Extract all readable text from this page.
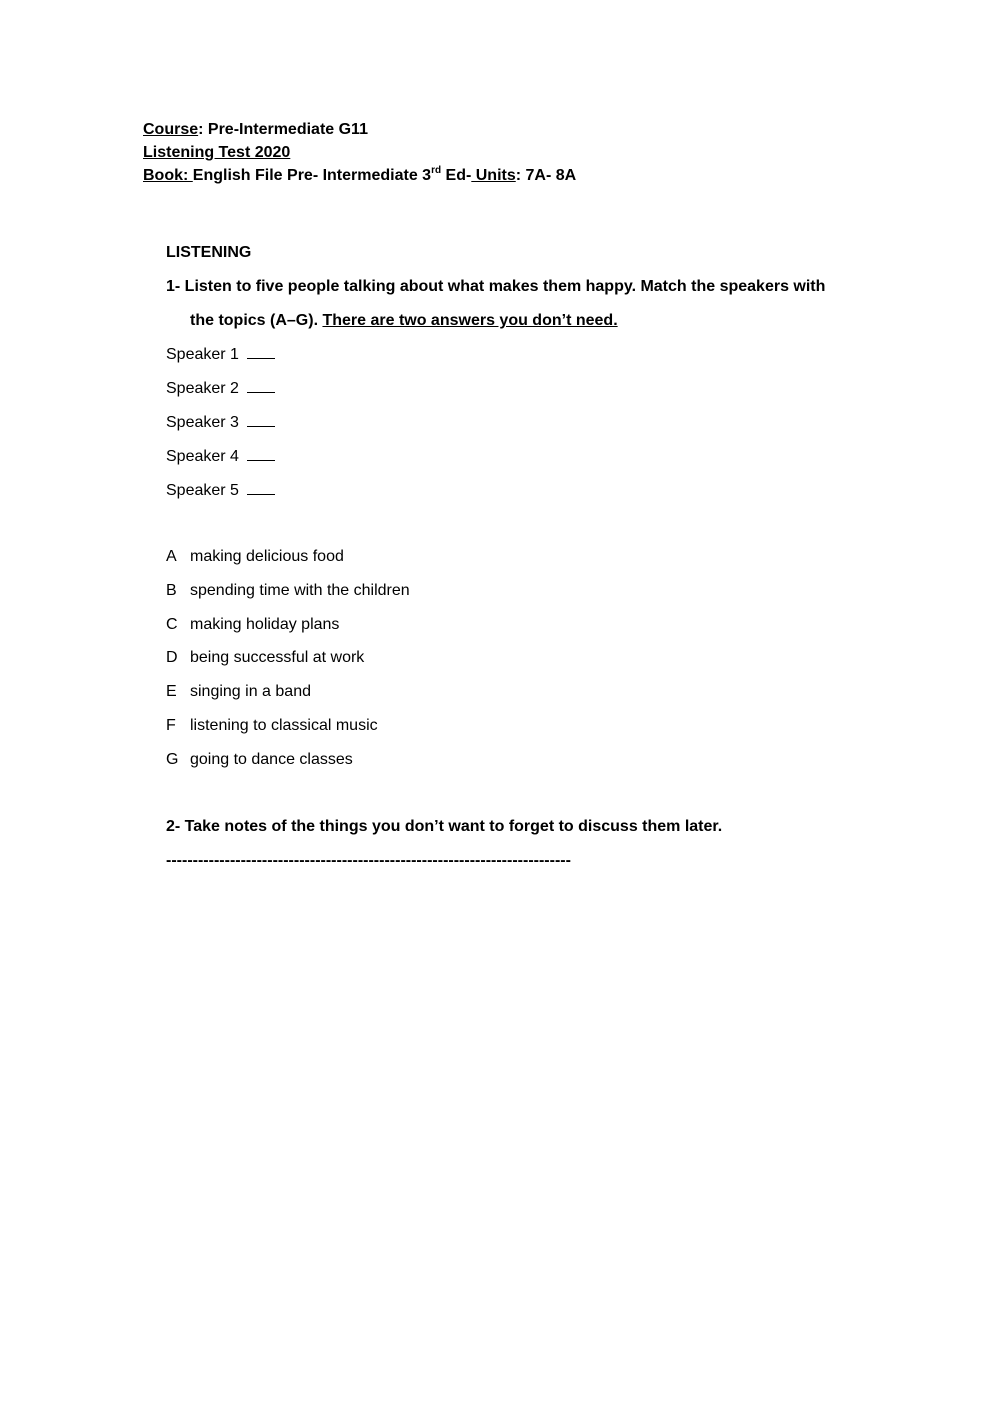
Course: Pre-Intermediate G11
Listening Test 2020
Book: English File Pre- Intermediate 3rd Ed- Units: 7A- 8A
LISTENING
1- Listen to five people talking about what makes them happy. Match the speakers with
the topics (A–G). There are two answers you don’t need.
Speaker 1
Speaker 2
Speaker 3
Speaker 4
Speaker 5
A making delicious food
B spending time with the children
C making holiday plans
D being successful at work
E singing in a band
F listening to classical music
G going to dance classes
2- Take notes of the things you don’t want to forget to discuss them later.
----------------------------------------------------------------------------
